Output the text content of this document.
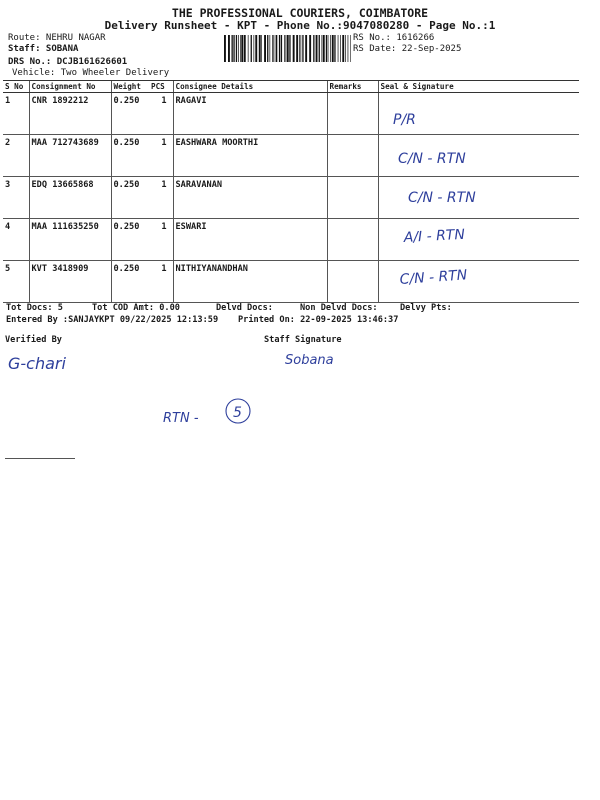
THE PROFESSIONAL COURIERS, COIMBATORE
Delivery Runsheet - KPT - Phone No.:9047080280 - Page No.:1
Route: NEHRU NAGAR
Staff: SOBANA
DRS No.: DCJB161626601
Vehicle: Two Wheeler Delivery
RS No.: 1616266
RS Date: 22-Sep-2025
S No	Consignment No	Weight	PCS	Consignee Details	Remarks	Seal & Signature
1	CNR 1892212	0.250	1	RAGAVI		
2	MAA 712743689	0.250	1	EASHWARA MOORTHI		
3	EDQ 13665868	0.250	1	SARAVANAN		
4	MAA 111635250	0.250	1	ESWARI		
5	KVT 3418909	0.250	1	NITHIYANANDHAN		
Tot Docs: 5	Tot COD Amt: 0.00	Delvd Docs:	Non Delvd Docs:	Delvy Pts:
Entered By :SANJAYKPT 09/22/2025 12:13:59 Printed On: 22-09-2025 13:46:37
Verified By	Staff Signature
P/R
C/N - RTN
C/N - RTN
A/I - RTN
C/N - RTN
G-chari	Sobana
RTN - 5
